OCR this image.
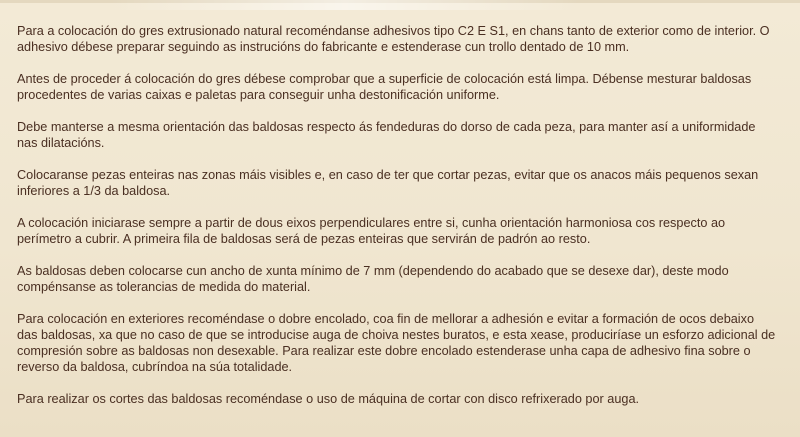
Para a colocación do gres extrusionado natural recoméndanse adhesivos tipo C2 E S1, en chans tanto de exterior como de interior. O adhesivo débese preparar seguindo as instrucións do fabricante e estenderase cun trollo dentado de 10 mm.

Antes de proceder á colocación do gres débese comprobar que a superficie de colocación está limpa. Débense mesturar baldosas procedentes de varias caixas e paletas para conseguir unha destonificación uniforme.

Debe manterse a mesma orientación das baldosas respecto ás fendeduras do dorso de cada peza, para manter así a uniformidade nas dilatacións.

Colocaranse pezas enteiras nas zonas máis visibles e, en caso de ter que cortar pezas, evitar que os anacos máis pequenos sexan inferiores a 1/3 da baldosa.

A colocación iniciarase sempre a partir de dous eixos perpendiculares entre si, cunha orientación harmoniosa cos respecto ao perímetro a cubrir. A primeira fila de baldosas será de pezas enteiras que servirán de padrón ao resto.

As baldosas deben colocarse cun ancho de xunta mínimo de 7 mm (dependendo do acabado que se desexe dar), deste modo compénsanse as tolerancias de medida do material.

Para colocación en exteriores recoméndase o dobre encolado, coa fin de mellorar a adhesión e evitar a formación de ocos debaixo das baldosas, xa que no caso de que se introducise auga de choiva nestes buratos, e esta xease, produciríase un esforzo adicional de compresión sobre as baldosas non desexable. Para realizar este dobre encolado estenderase unha capa de adhesivo fina sobre o reverso da baldosa, cubríndoa na súa totalidade.

Para realizar os cortes das baldosas recoméndase o uso de máquina de cortar con disco refrixerado por auga.
